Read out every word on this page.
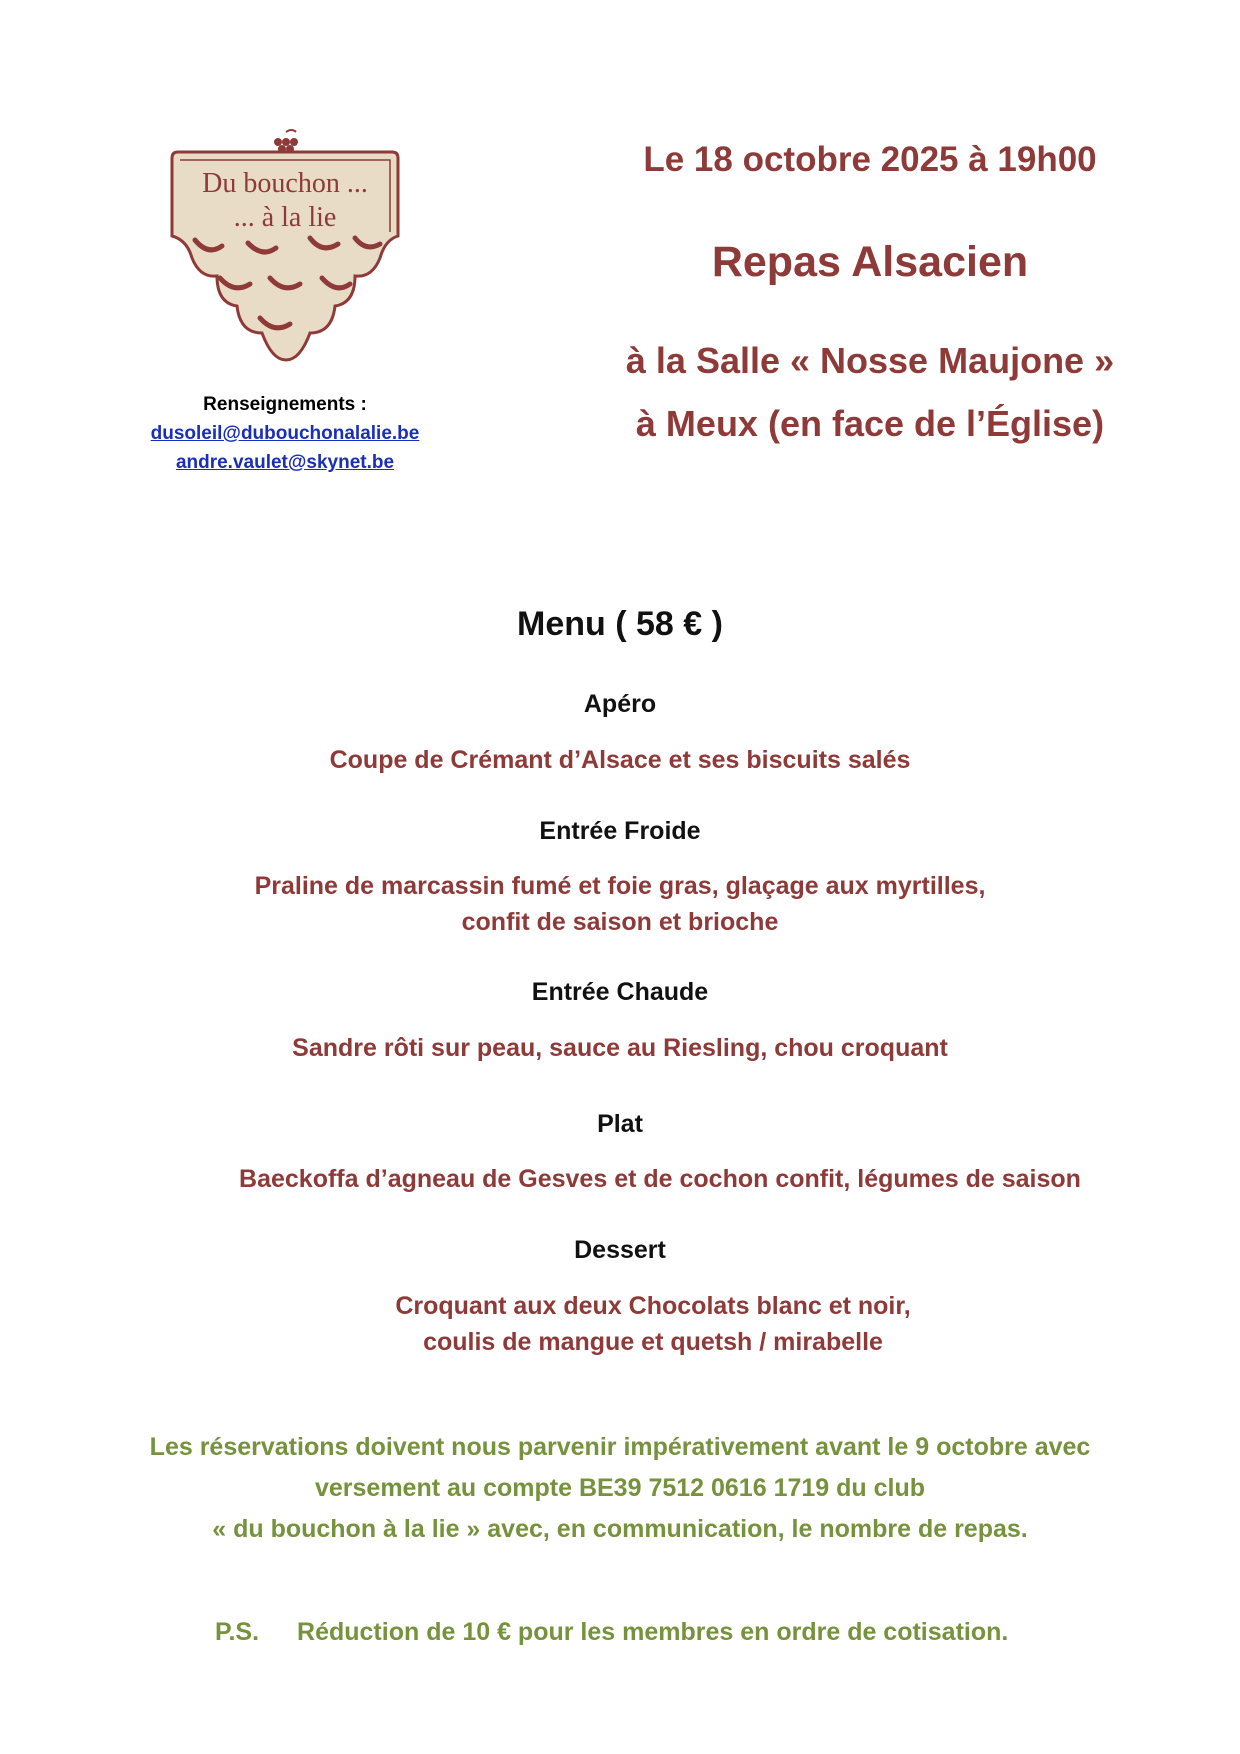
Du bouchon ...
... à la lie
Renseignements :
dusoleil@dubouchonalalie.be
andre.vaulet@skynet.be
Le 18 octobre 2025 à 19h00
Repas Alsacien
à la Salle « Nosse Maujone »
à Meux (en face de l’Église)
Menu ( 58 € )
Apéro
Coupe de Crémant d’Alsace et ses biscuits salés
Entrée Froide
Praline de marcassin fumé et foie gras, glaçage aux myrtilles,
confit de saison et brioche
Entrée Chaude
Sandre rôti sur peau, sauce au Riesling, chou croquant
Plat
Baeckoffa d’agneau de Gesves et de cochon confit, légumes de saison
Dessert
Croquant aux deux Chocolats blanc et noir,
coulis de mangue et quetsh / mirabelle
Les réservations doivent nous parvenir impérativement avant le 9 octobre avec
versement au compte BE39 7512 0616 1719 du club
« du bouchon à la lie » avec, en communication, le nombre de repas.
P.S. Réduction de 10 € pour les membres en ordre de cotisation.
